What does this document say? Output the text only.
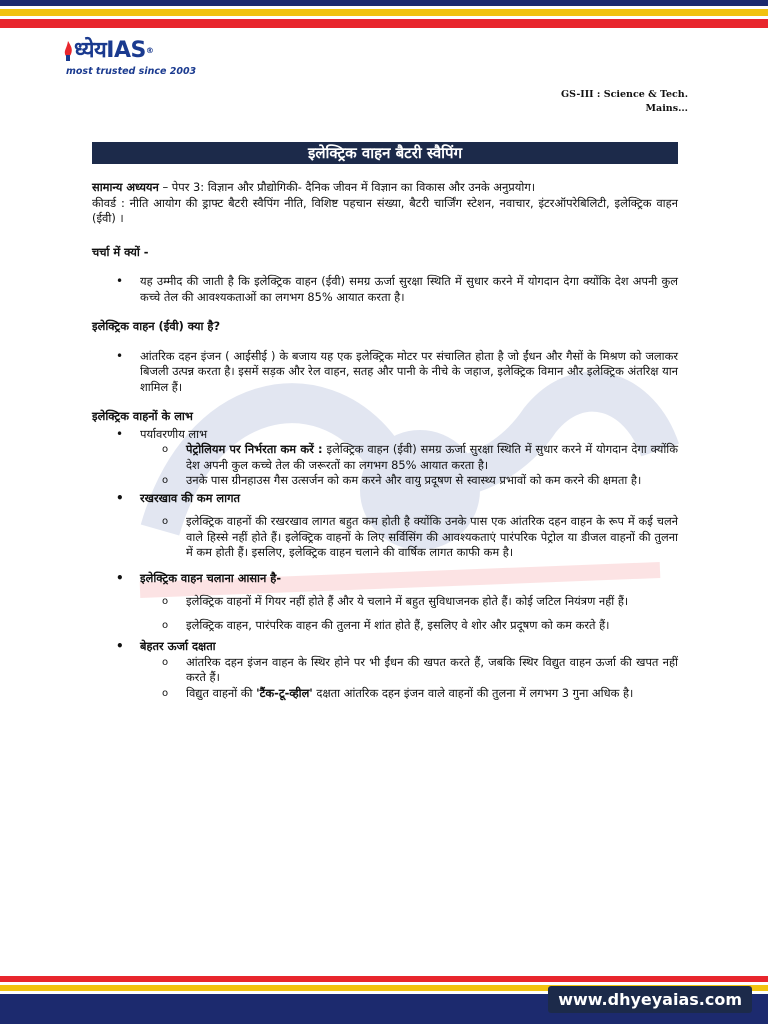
ध्येयIAS®
most trusted since 2003
GS-III : Science & Tech.
Mains...
इलेक्ट्रिक वाहन बैटरी स्वैपिंग

सामान्य अध्ययन – पेपर 3: विज्ञान और प्रौद्योगिकी- दैनिक जीवन में विज्ञान का विकास और उनके अनुप्रयोग।

कीवर्ड : नीति आयोग की ड्राफ्ट बैटरी स्वैपिंग नीति, विशिष्ट पहचान संख्या, बैटरी चार्जिंग स्टेशन, नवाचार, इंटरऑपरेबिलिटी, इलेक्ट्रिक वाहन (ईवी) ।

चर्चा में क्यों -

• यह उम्मीद की जाती है कि इलेक्ट्रिक वाहन (ईवी) समग्र ऊर्जा सुरक्षा स्थिति में सुधार करने में योगदान देगा क्योंकि देश अपनी कुल कच्चे तेल की आवश्यकताओं का लगभग 85% आयात करता है।

इलेक्ट्रिक वाहन (ईवी) क्या है?

• आंतरिक दहन इंजन ( आईसीई ) के बजाय यह एक इलेक्ट्रिक मोटर पर संचालित होता है जो ईंधन और गैसों के मिश्रण को जलाकर बिजली उत्पन्न करता है। इसमें सड़क और रेल वाहन, सतह और पानी के नीचे के जहाज, इलेक्ट्रिक विमान और इलेक्ट्रिक अंतरिक्ष यान शामिल हैं।

इलेक्ट्रिक वाहनों के लाभ

• पर्यावरणीय लाभ
o पेट्रोलियम पर निर्भरता कम करें : इलेक्ट्रिक वाहन (ईवी) समग्र ऊर्जा सुरक्षा स्थिति में सुधार करने में योगदान देगा क्योंकि देश अपनी कुल कच्चे तेल की जरूरतों का लगभग 85% आयात करता है।
o उनके पास ग्रीनहाउस गैस उत्सर्जन को कम करने और वायु प्रदूषण से स्वास्थ्य प्रभावों को कम करने की क्षमता है।
• रखरखाव की कम लागत
o इलेक्ट्रिक वाहनों की रखरखाव लागत बहुत कम होती है क्योंकि उनके पास एक आंतरिक दहन वाहन के रूप में कई चलने वाले हिस्से नहीं होते हैं। इलेक्ट्रिक वाहनों के लिए सर्विसिंग की आवश्यकताएं पारंपरिक पेट्रोल या डीजल वाहनों की तुलना में कम होती हैं। इसलिए, इलेक्ट्रिक वाहन चलाने की वार्षिक लागत काफी कम है।
• इलेक्ट्रिक वाहन चलाना आसान है-
o इलेक्ट्रिक वाहनों में गियर नहीं होते हैं और ये चलाने में बहुत सुविधाजनक होते हैं। कोई जटिल नियंत्रण नहीं हैं।
o इलेक्ट्रिक वाहन, पारंपरिक वाहन की तुलना में शांत होते हैं, इसलिए वे शोर और प्रदूषण को कम करते हैं।
• बेहतर ऊर्जा दक्षता
o आंतरिक दहन इंजन वाहन के स्थिर होने पर भी ईंधन की खपत करते हैं, जबकि स्थिर विद्युत वाहन ऊर्जा की खपत नहीं करते हैं।
o विद्युत वाहनों की 'टैंक-टू-व्हील' दक्षता आंतरिक दहन इंजन वाले वाहनों की तुलना में लगभग 3 गुना अधिक है।
www.dhyeyaias.com
